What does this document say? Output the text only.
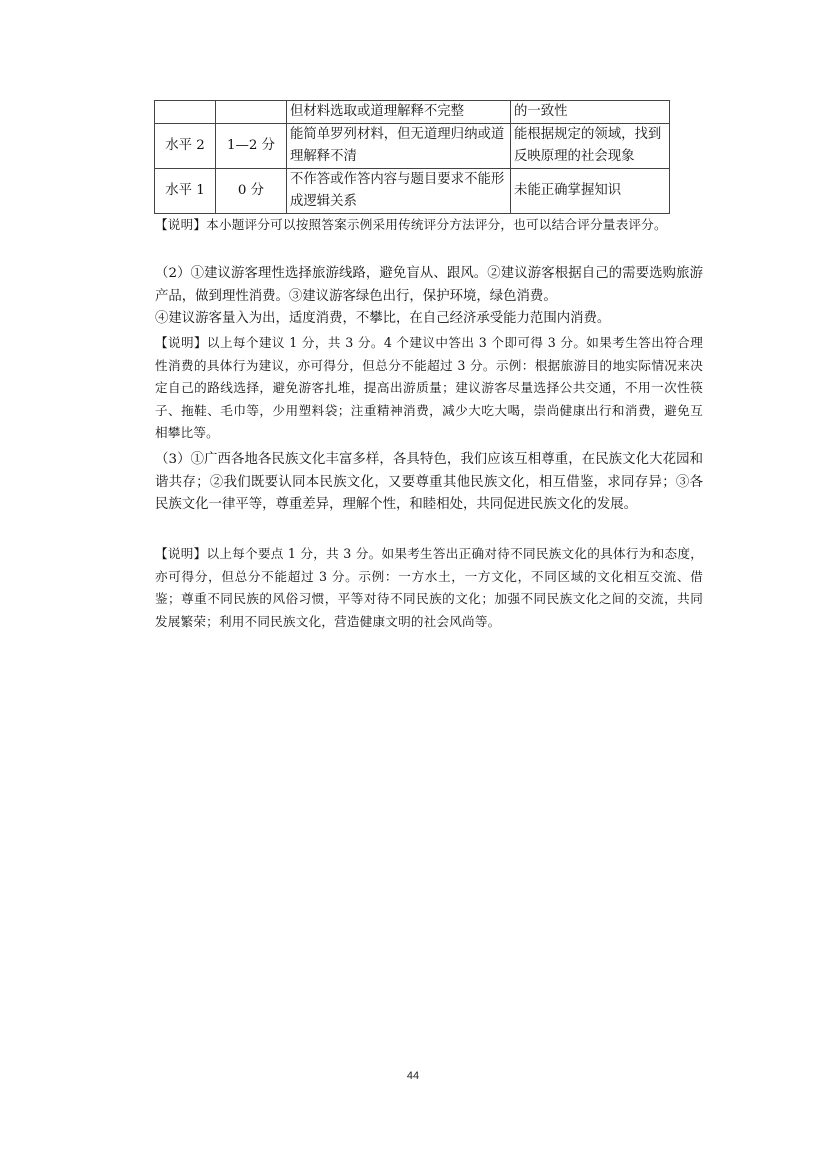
		但材料选取或道理解释不完整	的一致性
水平 2	1—2 分	能简单罗列材料，但无道理归纳或道理解释不清	能根据规定的领域，找到反映原理的社会现象
水平 1	0 分	不作答或作答内容与题目要求不能形成逻辑关系	未能正确掌握知识
【说明】本小题评分可以按照答案示例采用传统评分方法评分，也可以结合评分量表评分。
（2）①建议游客理性选择旅游线路，避免盲从、跟风。②建议游客根据自己的需要选购旅游产品，做到理性消费。③建议游客绿色出行，保护环境，绿色消费。
④建议游客量入为出，适度消费，不攀比，在自己经济承受能力范围内消费。
【说明】以上每个建议 1 分，共 3 分。4 个建议中答出 3 个即可得 3 分。如果考生答出符合理性消费的具体行为建议，亦可得分，但总分不能超过 3 分。示例：根据旅游目的地实际情况来决定自己的路线选择，避免游客扎堆，提高出游质量；建议游客尽量选择公共交通，不用一次性筷子、拖鞋、毛巾等，少用塑料袋；注重精神消费，减少大吃大喝，崇尚健康出行和消费，避免互相攀比等。
（3）①广西各地各民族文化丰富多样，各具特色，我们应该互相尊重，在民族文化大花园和谐共存；②我们既要认同本民族文化，又要尊重其他民族文化，相互借鉴，求同存异；③各民族文化一律平等，尊重差异，理解个性，和睦相处，共同促进民族文化的发展。
【说明】以上每个要点 1 分，共 3 分。如果考生答出正确对待不同民族文化的具体行为和态度，亦可得分，但总分不能超过 3 分。示例：一方水土，一方文化，不同区域的文化相互交流、借鉴；尊重不同民族的风俗习惯，平等对待不同民族的文化；加强不同民族文化之间的交流，共同发展繁荣；利用不同民族文化，营造健康文明的社会风尚等。
44
